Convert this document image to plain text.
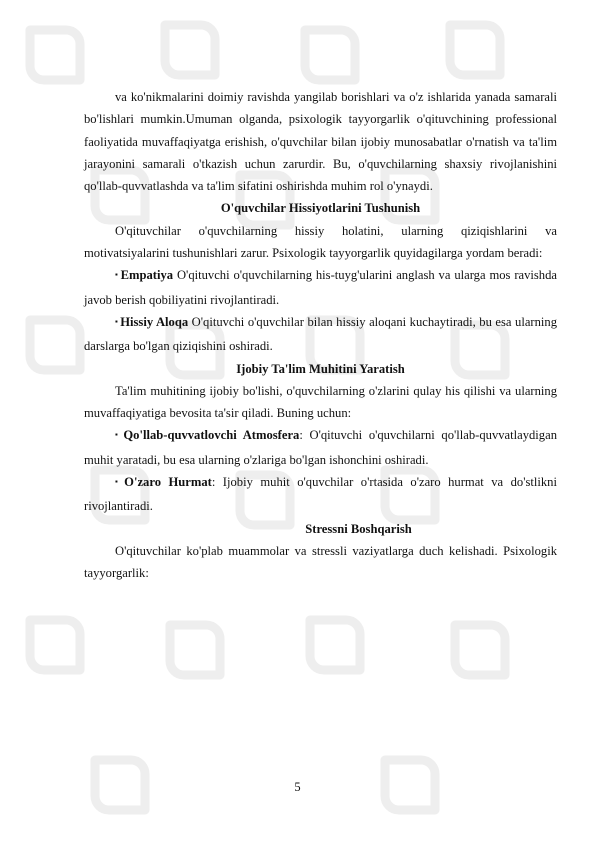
va ko'nikmalarini doimiy ravishda yangilab borishlari va o'z ishlarida yanada samarali bo'lishlari mumkin.Umuman olganda, psixologik tayyorgarlik o'qituvchining professional faoliyatida muvaffaqiyatga erishish, o'quvchilar bilan ijobiy munosabatlar o'rnatish va ta'lim jarayonini samarali o'tkazish uchun zarurdir. Bu, o'quvchilarning shaxsiy rivojlanishini qo'llab-quvvatlashda va ta'lim sifatini oshirishda muhim rol o'ynaydi.

O'quvchilar Hissiyotlarini Tushunish

O'qituvchilar o'quvchilarning hissiy holatini, ularning qiziqishlarini va motivatsiyalarini tushunishlari zarur. Psixologik tayyorgarlik quyidagilarga yordam beradi:

▪ Empatiya O'qituvchi o'quvchilarning his-tuyg'ularini anglash va ularga mos ravishda javob berish qobiliyatini rivojlantiradi.

▪ Hissiy Aloqa O'qituvchi o'quvchilar bilan hissiy aloqani kuchaytiradi, bu esa ularning darslarga bo'lgan qiziqishini oshiradi.

Ijobiy Ta'lim Muhitini Yaratish

Ta'lim muhitining ijobiy bo'lishi, o'quvchilarning o'zlarini qulay his qilishi va ularning muvaffaqiyatiga bevosita ta'sir qiladi. Buning uchun:

▪ Qo'llab-quvvatlovchi Atmosfera: O'qituvchi o'quvchilarni qo'llab-quvvatlaydigan muhit yaratadi, bu esa ularning o'zlariga bo'lgan ishonchini oshiradi.

▪ O'zaro Hurmat: Ijobiy muhit o'quvchilar o'rtasida o'zaro hurmat va do'stlikni rivojlantiradi.

Stressni Boshqarish

O'qituvchilar ko'plab muammolar va stressli vaziyatlarga duch kelishadi. Psixologik tayyorgarlik:

5
